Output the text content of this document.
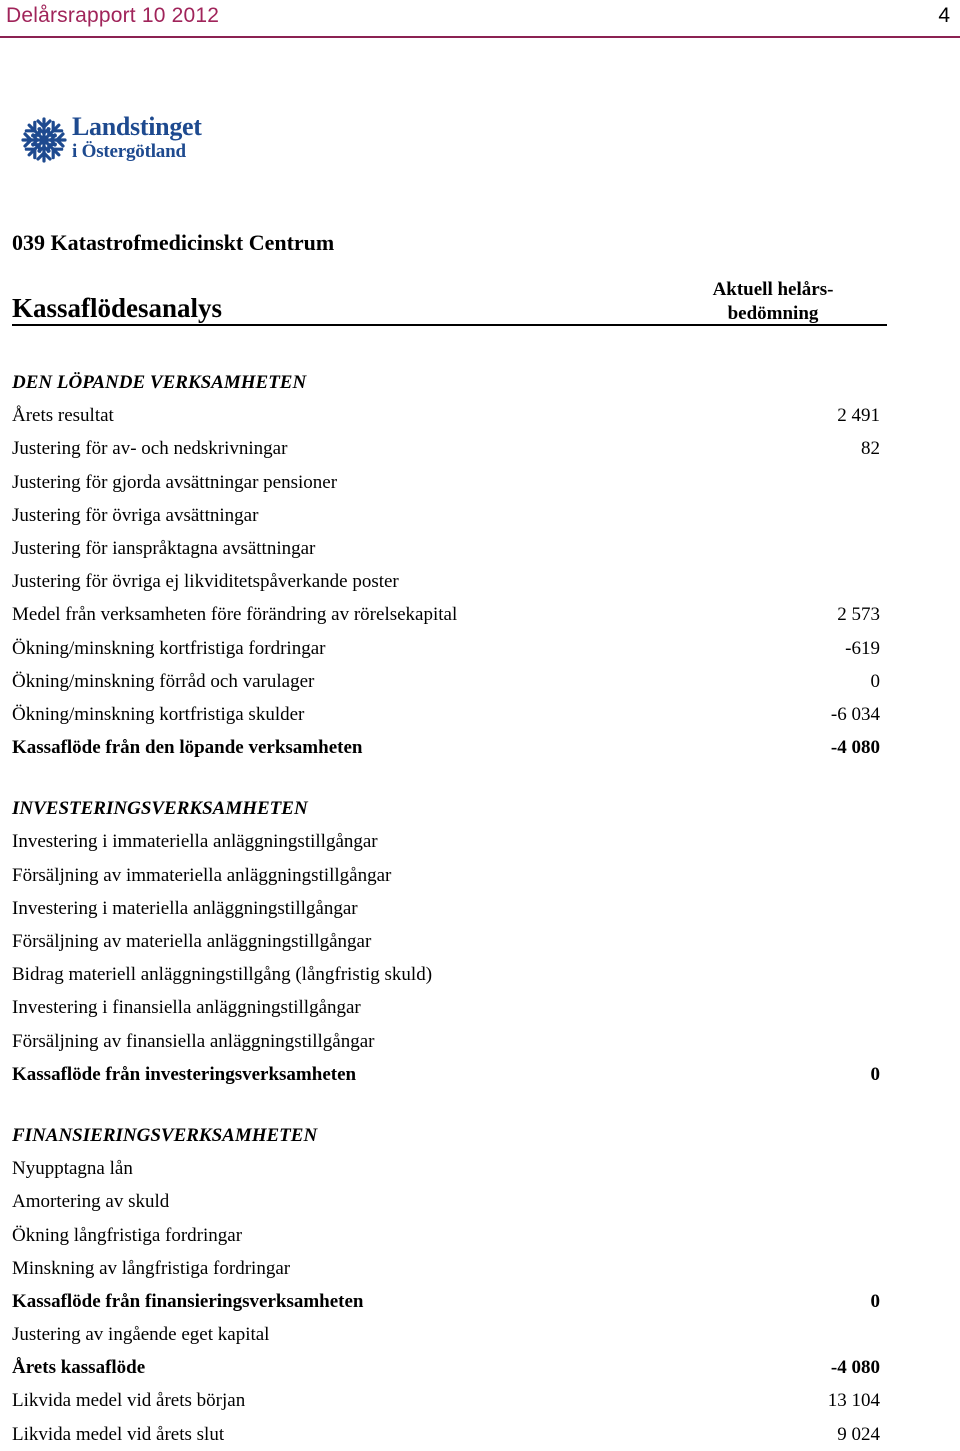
Delårsrapport 10 2012	4
Landstinget
i Östergötland
039 Katastrofmedicinskt Centrum
Kassaflödesanalys
Aktuell helårs-
bedömning
DEN LÖPANDE VERKSAMHETEN
Årets resultat	2 491
Justering för av- och nedskrivningar	82
Justering för gjorda avsättningar pensioner
Justering för övriga avsättningar
Justering för ianspråktagna avsättningar
Justering för övriga ej likviditetspåverkande poster
Medel från verksamheten före förändring av rörelsekapital	2 573
Ökning/minskning kortfristiga fordringar	-619
Ökning/minskning förråd och varulager	0
Ökning/minskning kortfristiga skulder	-6 034
Kassaflöde från den löpande verksamheten	-4 080
INVESTERINGSVERKSAMHETEN
Investering i immateriella anläggningstillgångar
Försäljning av immateriella anläggningstillgångar
Investering i materiella anläggningstillgångar
Försäljning av materiella anläggningstillgångar
Bidrag materiell anläggningstillgång (långfristig skuld)
Investering i finansiella anläggningstillgångar
Försäljning av finansiella anläggningstillgångar
Kassaflöde från investeringsverksamheten	0
FINANSIERINGSVERKSAMHETEN
Nyupptagna lån
Amortering av skuld
Ökning långfristiga fordringar
Minskning av långfristiga fordringar
Kassaflöde från finansieringsverksamheten	0
Justering av ingående eget kapital
Årets kassaflöde	-4 080
Likvida medel vid årets början	13 104
Likvida medel vid årets slut	9 024
